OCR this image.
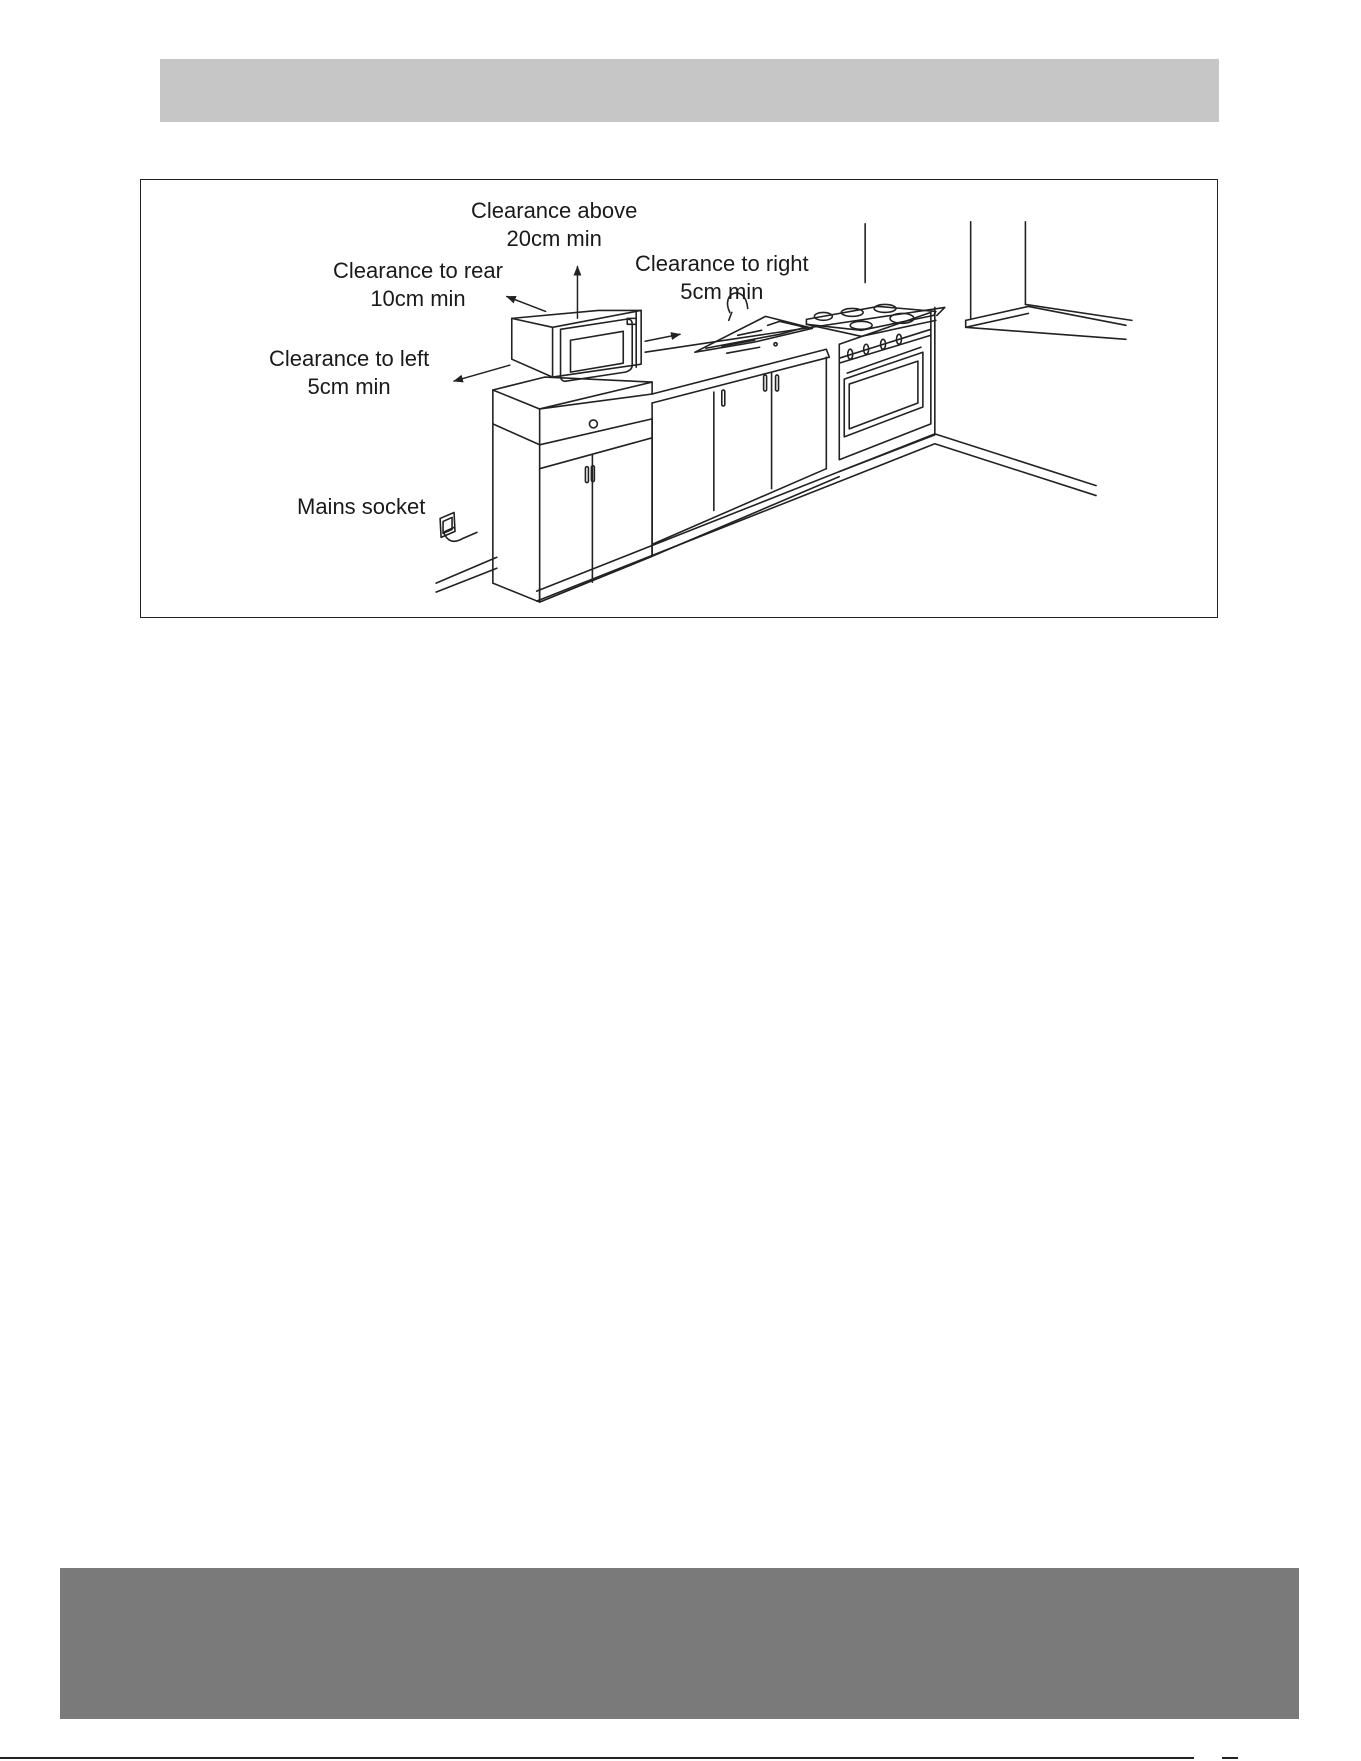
Clearance above
20cm min
Clearance to rear
10cm min
Clearance to right
5cm min
Clearance to left
5cm min
Mains socket
